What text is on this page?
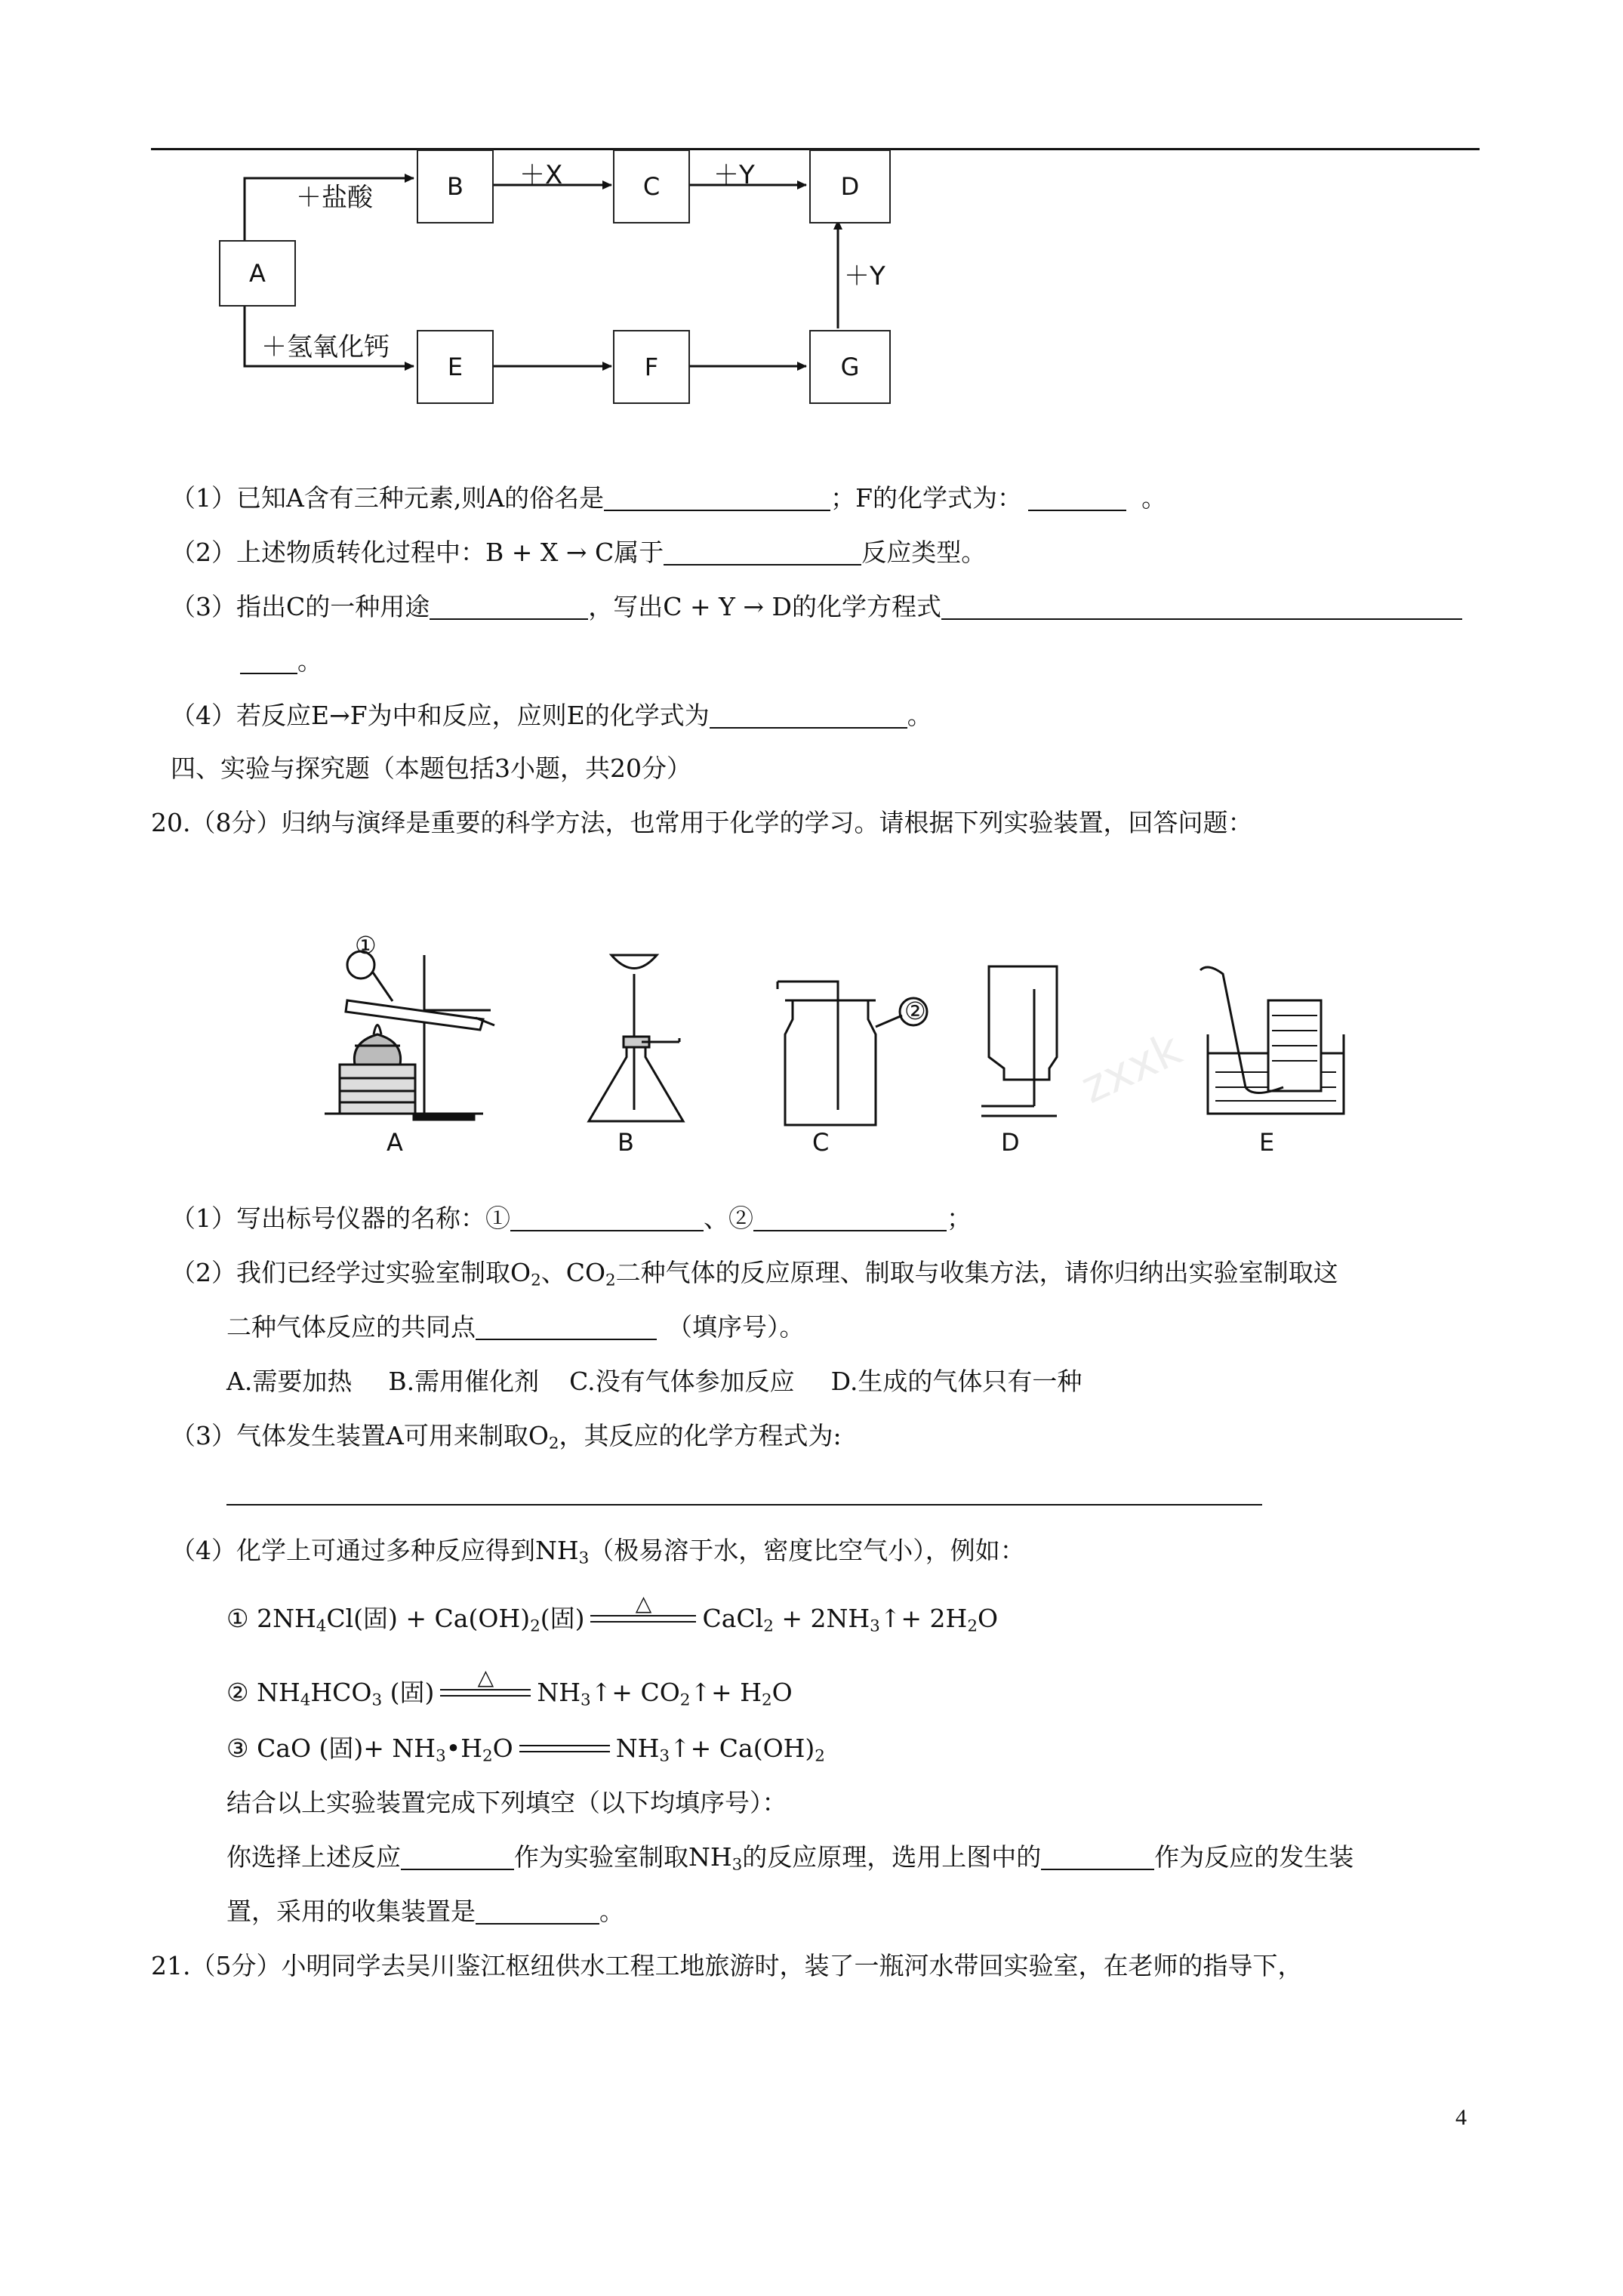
A
B	C	D
E	F	G
＋盐酸
＋X	＋Y
＋氢氧化钙
＋Y
（1）已知A含有三种元素,则A的俗名是	；F的化学式为：	。
（2）上述物质转化过程中：B + X → C属于	反应类型。
（3）指出C的一种用途	，写出C + Y → D的化学方程式
。
（4）若反应E→F为中和反应，应则E的化学式为	。
四、实验与探究题（本题包括3小题，共20分）
20.（8分）归纳与演绎是重要的科学方法，也常用于化学的学习。请根据下列实验装置，回答问题：
①
②
A	B	C	D	E
zxxk
（1）写出标号仪器的名称：①	、②	；
（2）我们已经学过实验室制取$O_2$、$CO_2$二种气体的反应原理、制取与收集方法，请你归纳出实验室制取这
二种气体反应的共同点	（填序号）。
A.需要加热 B.需用催化剂 C.没有气体参加反应 D.生成的气体只有一种
（3）气体发生装置A可用来制取$O_2$，其反应的化学方程式为:
（4）化学上可通过多种反应得到$NH_3$（极易溶于水，密度比空气小），例如：
① $2NH_4Cl$(固) + $Ca(OH)_2$(固)
△
CaCl$_2$ + $2NH_3↑+ 2H_2O$
② $NH_4HCO_3$ (固)
△
$NH_3↑+$ $CO_2↑+ H_2O$
③ CaO (固)+ $NH_3•H_2O$	$NH_3↑+ Ca(OH)_2$
结合以上实验装置完成下列填空（以下均填序号）：
你选择上述反应	作为实验室制取$NH_3$的反应原理，选用上图中的	作为反应的发生装
置，采用的收集装置是	。
21.（5分）小明同学去吴川鉴江枢纽供水工程工地旅游时，装了一瓶河水带回实验室，在老师的指导下，
4
